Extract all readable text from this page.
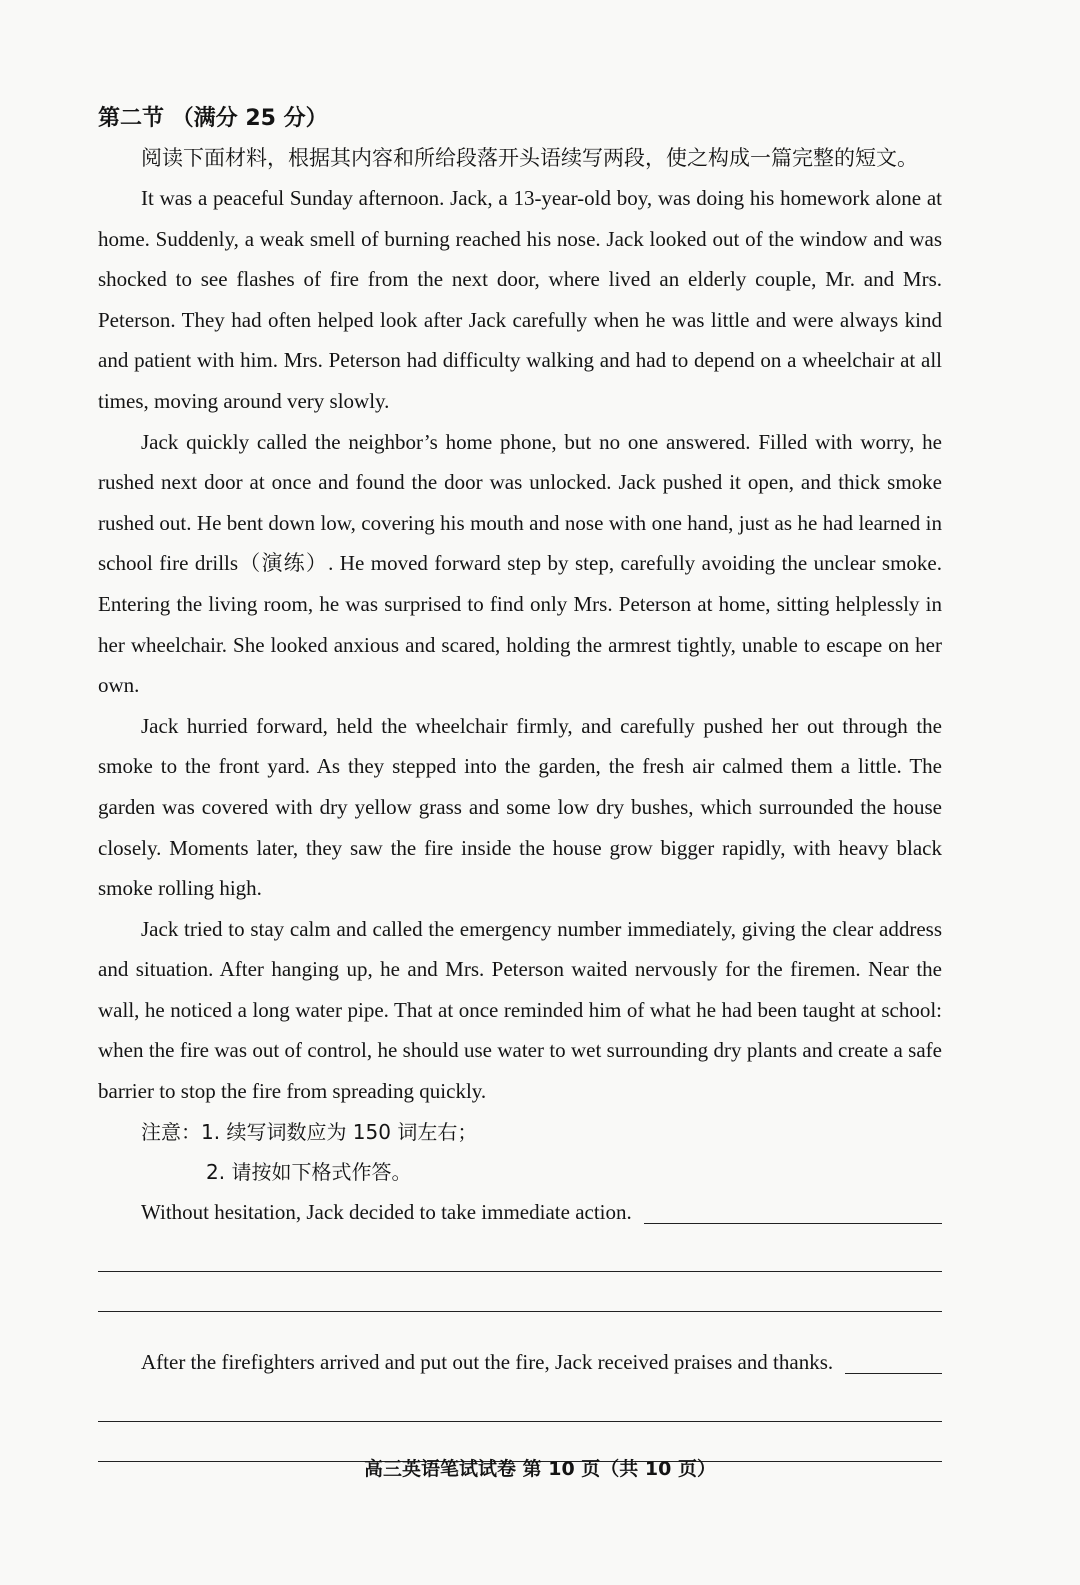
第二节 （满分 25 分）
阅读下面材料，根据其内容和所给段落开头语续写两段，使之构成一篇完整的短文。

It was a peaceful Sunday afternoon. Jack, a 13-year-old boy, was doing his homework alone at home. Suddenly, a weak smell of burning reached his nose. Jack looked out of the window and was shocked to see flashes of fire from the next door, where lived an elderly couple, Mr. and Mrs. Peterson. They had often helped look after Jack carefully when he was little and were always kind and patient with him. Mrs. Peterson had difficulty walking and had to depend on a wheelchair at all times, moving around very slowly.

Jack quickly called the neighbor’s home phone, but no one answered. Filled with worry, he rushed next door at once and found the door was unlocked. Jack pushed it open, and thick smoke rushed out. He bent down low, covering his mouth and nose with one hand, just as he had learned in school fire drills（演练）. He moved forward step by step, carefully avoiding the unclear smoke. Entering the living room, he was surprised to find only Mrs. Peterson at home, sitting helplessly in her wheelchair. She looked anxious and scared, holding the armrest tightly, unable to escape on her own.

Jack hurried forward, held the wheelchair firmly, and carefully pushed her out through the smoke to the front yard. As they stepped into the garden, the fresh air calmed them a little. The garden was covered with dry yellow grass and some low dry bushes, which surrounded the house closely. Moments later, they saw the fire inside the house grow bigger rapidly, with heavy black smoke rolling high.

Jack tried to stay calm and called the emergency number immediately, giving the clear address and situation. After hanging up, he and Mrs. Peterson waited nervously for the firemen. Near the wall, he noticed a long water pipe. That at once reminded him of what he had been taught at school: when the fire was out of control, he should use water to wet surrounding dry plants and create a safe barrier to stop the fire from spreading quickly.

注意：1. 续写词数应为 150 词左右；
2. 请按如下格式作答。
Without hesitation, Jack decided to take immediate action.
After the firefighters arrived and put out the fire, Jack received praises and thanks.
高三英语笔试试卷 第 10 页（共 10 页）
